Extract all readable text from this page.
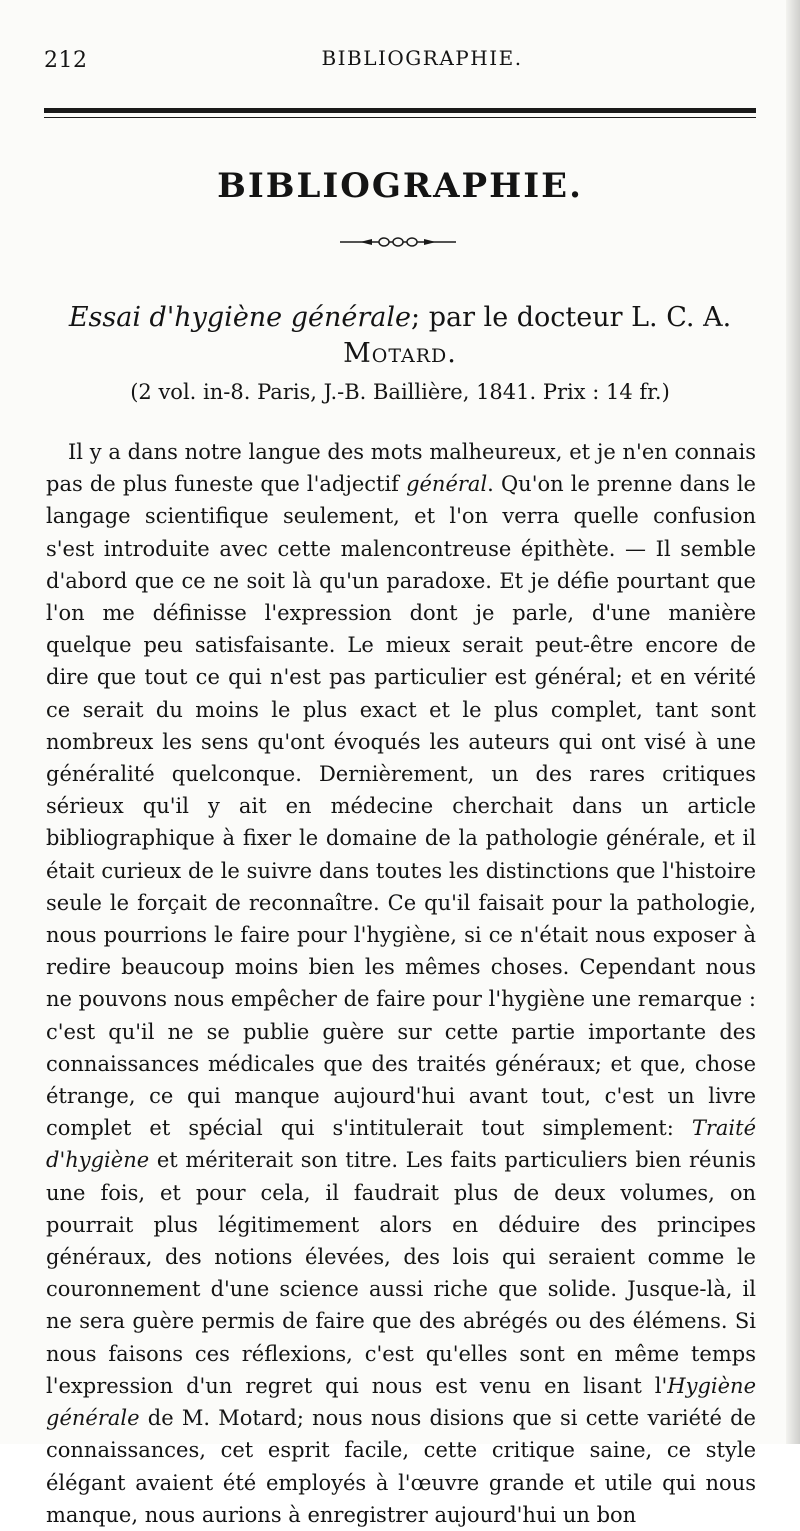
212	BIBLIOGRAPHIE.
BIBLIOGRAPHIE.
Essai d'hygiène générale; par le docteur L. C. A.
Motard.
(2 vol. in-8. Paris, J.-B. Baillière, 1841. Prix : 14 fr.)

Il y a dans notre langue des mots malheureux, et je n'en connais pas de plus funeste que l'adjectif général. Qu'on le prenne dans le langage scientifique seulement, et l'on verra quelle confusion s'est introduite avec cette malencontreuse épithète. — Il semble d'abord que ce ne soit là qu'un paradoxe. Et je défie pourtant que l'on me définisse l'expression dont je parle, d'une manière quelque peu satisfaisante. Le mieux serait peut-être encore de dire que tout ce qui n'est pas particulier est général; et en vérité ce serait du moins le plus exact et le plus complet, tant sont nombreux les sens qu'ont évoqués les auteurs qui ont visé à une généralité quelconque. Dernièrement, un des rares critiques sérieux qu'il y ait en médecine cherchait dans un article bibliographique à fixer le domaine de la pathologie générale, et il était curieux de le suivre dans toutes les distinctions que l'histoire seule le forçait de reconnaître. Ce qu'il faisait pour la pathologie, nous pourrions le faire pour l'hygiène, si ce n'était nous exposer à redire beaucoup moins bien les mêmes choses. Cependant nous ne pouvons nous empêcher de faire pour l'hygiène une remarque : c'est qu'il ne se publie guère sur cette partie importante des connaissances médicales que des traités généraux; et que, chose étrange, ce qui manque aujourd'hui avant tout, c'est un livre complet et spécial qui s'intitulerait tout simplement: Traité d'hygiène et mériterait son titre. Les faits particuliers bien réunis une fois, et pour cela, il faudrait plus de deux volumes, on pourrait plus légitimement alors en déduire des principes généraux, des notions élevées, des lois qui seraient comme le couronnement d'une science aussi riche que solide. Jusque-là, il ne sera guère permis de faire que des abrégés ou des élémens. Si nous faisons ces réflexions, c'est qu'elles sont en même temps l'expression d'un regret qui nous est venu en lisant l'Hygiène générale de M. Motard; nous nous disions que si cette variété de connaissances, cet esprit facile, cette critique saine, ce style élégant avaient été employés à l'œuvre grande et utile qui nous manque, nous aurions à enregistrer aujourd'hui un bon
